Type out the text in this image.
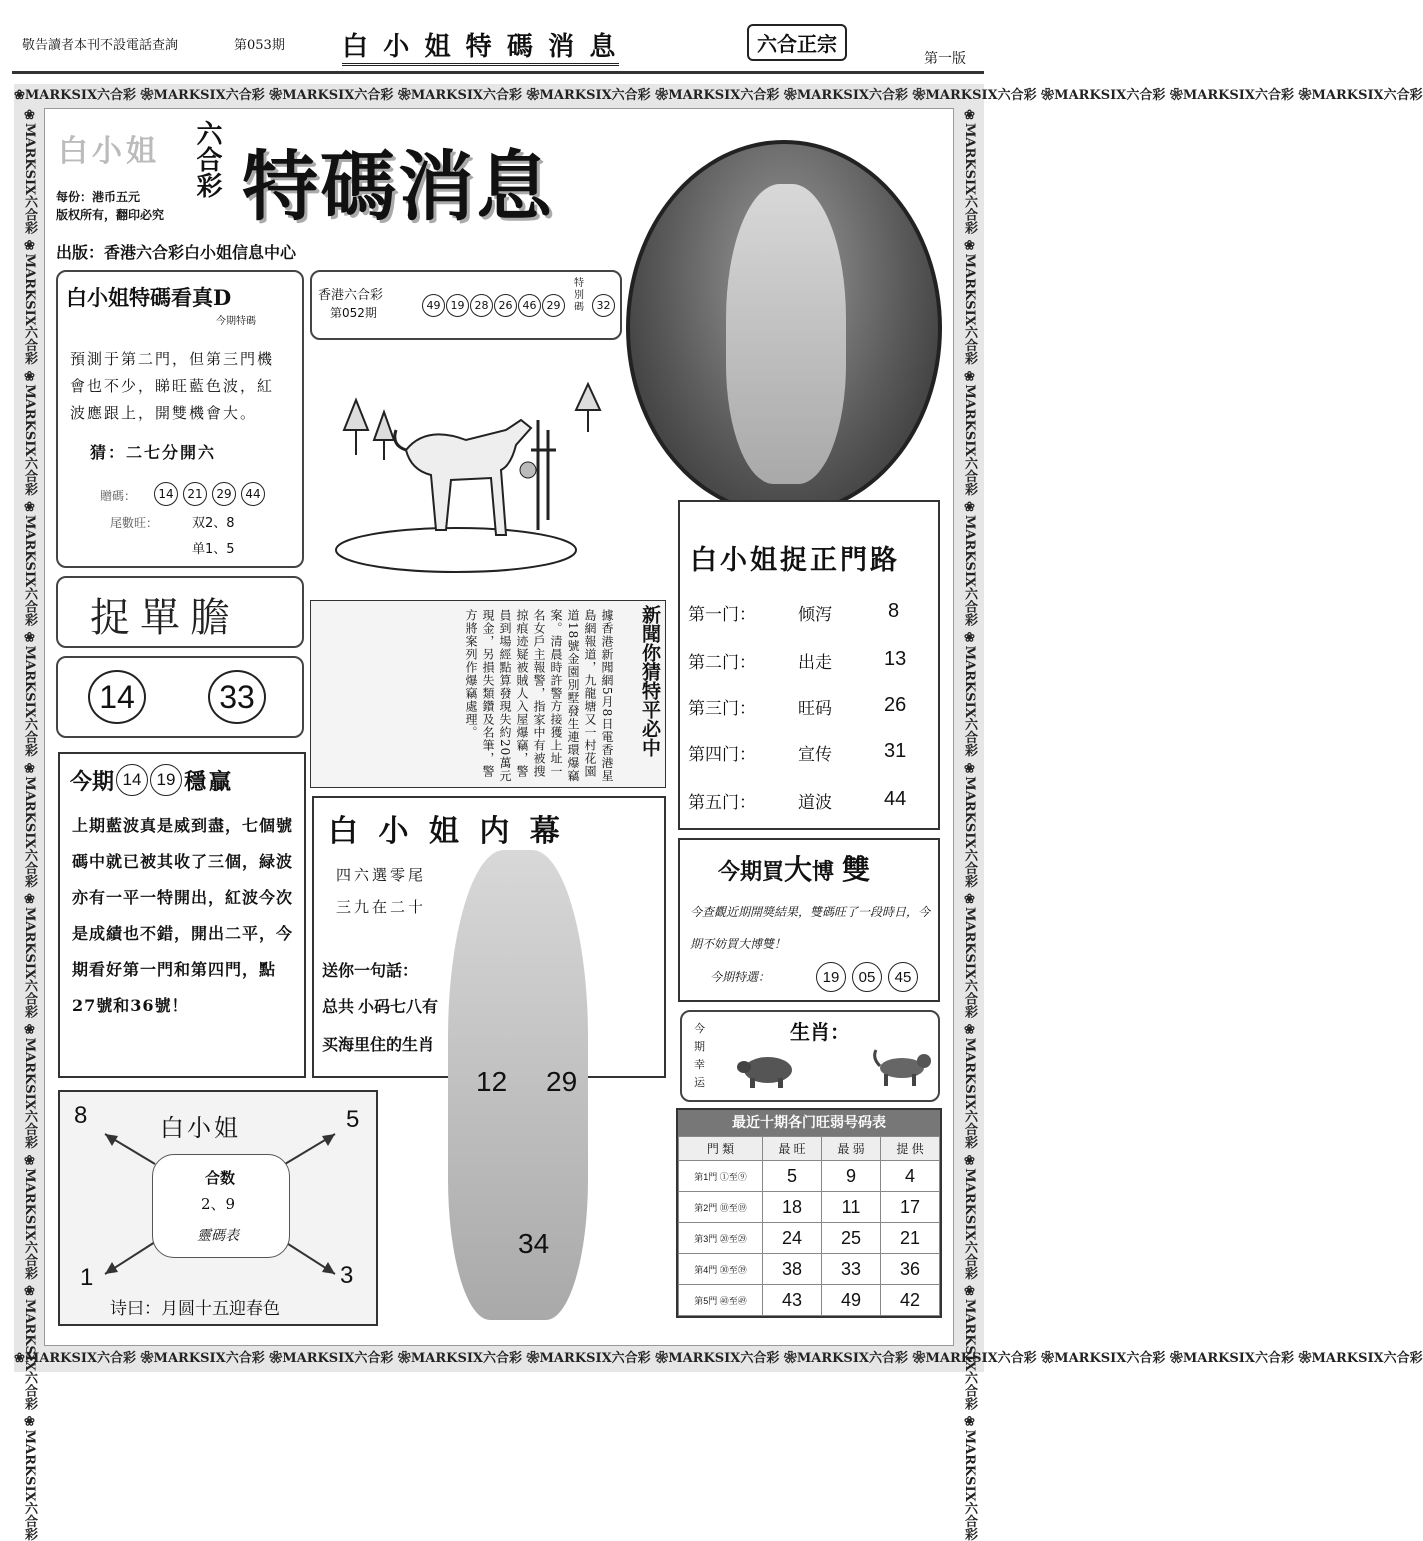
敬告讀者本刊不設電話查詢	第053期 白 小 姐 特 碼 消 息	六合正宗
第一版
❀MARKSIX六合彩 ❀MARKSIX六合彩 ❀MARKSIX六合彩 ❀MARKSIX六合彩 ❀MARKSIX六合彩 ❀MARKSIX六合彩 ❀MARKSIX六合彩 ❀MARKSIX六合彩 ❀MARKSIX六合彩 ❀MARKSIX六合彩 ❀MARKSIX六合彩
❀MARKSIX六合彩 ❀MARKSIX六合彩 ❀MARKSIX六合彩 ❀MARKSIX六合彩 ❀MARKSIX六合彩 ❀MARKSIX六合彩 ❀MARKSIX六合彩 ❀MARKSIX六合彩 ❀MARKSIX六合彩 ❀MARKSIX六合彩 ❀MARKSIX六合彩
❀MARKSIX六合彩 ❀MARKSIX六合彩 ❀MARKSIX六合彩 ❀MARKSIX六合彩 ❀MARKSIX六合彩 ❀MARKSIX六合彩 ❀MARKSIX六合彩 ❀MARKSIX六合彩 ❀MARKSIX六合彩 ❀MARKSIX六合彩 ❀MARKSIX六合彩	❀MARKSIX六合彩 ❀MARKSIX六合彩 ❀MARKSIX六合彩 ❀MARKSIX六合彩 ❀MARKSIX六合彩 ❀MARKSIX六合彩 ❀MARKSIX六合彩 ❀MARKSIX六合彩 ❀MARKSIX六合彩 ❀MARKSIX六合彩 ❀MARKSIX六合彩
白小姐 六合彩 特碼消息
每份：港币五元
版权所有，翻印必究
出版：香港六合彩白小姐信息中心
白小姐特碼看真D
今期特碼
預測于第二門，但第三門機會也不少，睇旺藍色波，紅波應跟上，開雙機會大。
猜：二七分開六
贈碼：	14	21	29	44
尾數旺：	双2、8
单1、5
香港六合彩
第052期
49 19 28 26 46 29
特別碼	32
捉單膽
14	33	據香港新聞網5月8日電香港星島網報道，九龍塘又一村花園道18號金園別墅發生連環爆竊案。清晨時許警方接獲上址一名女戶主報警，指家中有被搜掠痕迹疑被賊人入屋爆竊，警員到場經點算發現失約20萬元現金，另損失類鑽及名筆，警方將案列作爆竊處理。	新聞你猜特平必中
白小姐捉正門路
第一门： 倾泻	8
第二门： 出走	13
第三门： 旺码	26
第四门： 宣传	31
第五门： 道波	44
今期 14 19 穩贏
上期藍波真是威到盡，七個號碼中就已被其收了三個，緑波亦有一平一特開出，紅波今次是成績也不錯，開出二平，今期看好第一門和第四門，點27號和36號！
白 小 姐 内 幕
四六選零尾
三九在二十
送你一句話：
总共 小码七八有
买海里住的生肖
12 29
34
今期買大博 雙
今查觀近期開獎結果，雙碼旺了一段時日，今期不妨買大博雙！
今期特選：	19	05	45
今期幸运
生肖：
8	5
1	3
白小姐
合数
2、9
靈碼表
诗曰：月圆十五迎春色
最近十期各门旺弱号码表
門 類	最 旺	最 弱	提 供
第1門 ①至⑨	5	9	4
第2門 ⑩至⑲	18	11	17
第3門 ⑳至㉙	24	25	21
第4門 ㉚至㊴	38	33	36
第5門 ㊵至㊾	43	49	42
